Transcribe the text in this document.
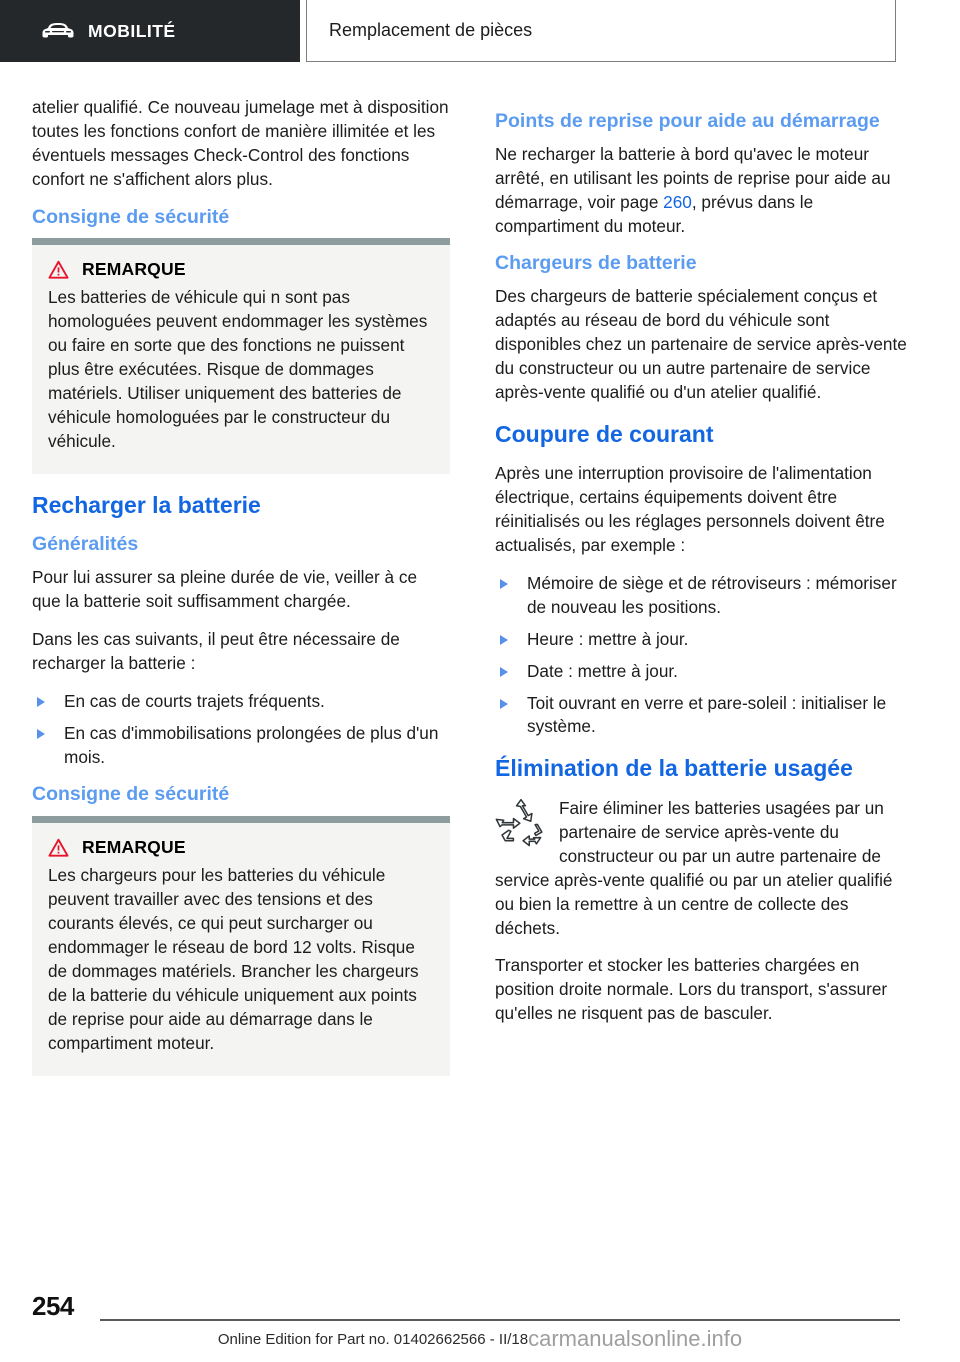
MOBILITÉ	Remplacement de pièces

atelier qualifié. Ce nouveau jumelage met à disposition toutes les fonctions confort de manière illimitée et les éventuels messages Check-Control des fonctions confort ne s'affichent alors plus.

Consigne de sécurité
REMARQUE

Les batteries de véhicule qui n sont pas homologuées peuvent endommager les systèmes ou faire en sorte que des fonctions ne puissent plus être exécutées. Risque de dommages matériels. Utiliser uniquement des batteries de véhicule homologuées par le constructeur du véhicule.

Recharger la batterie
Généralités

Pour lui assurer sa pleine durée de vie, veiller à ce que la batterie soit suffisamment chargée.

Dans les cas suivants, il peut être nécessaire de recharger la batterie :

En cas de courts trajets fréquents.
En cas d'immobilisations prolongées de plus d'un mois.
Consigne de sécurité
REMARQUE

Les chargeurs pour les batteries du véhicule peuvent travailler avec des tensions et des courants élevés, ce qui peut surcharger ou endommager le réseau de bord 12 volts. Risque de dommages matériels. Brancher les chargeurs de la batterie du véhicule uniquement aux points de reprise pour aide au démarrage dans le compartiment moteur.

Points de reprise pour aide au démarrage

Ne recharger la batterie à bord qu'avec le moteur arrêté, en utilisant les points de reprise pour aide au démarrage, voir page 260, prévus dans le compartiment du moteur.

Chargeurs de batterie

Des chargeurs de batterie spécialement conçus et adaptés au réseau de bord du véhicule sont disponibles chez un partenaire de service après-vente du constructeur ou un autre partenaire de service après-vente qualifié ou d'un atelier qualifié.

Coupure de courant

Après une interruption provisoire de l'alimentation électrique, certains équipements doivent être réinitialisés ou les réglages personnels doivent être actualisés, par exemple :

Mémoire de siège et de rétroviseurs : mémoriser de nouveau les positions.
Heure : mettre à jour.
Date : mettre à jour.
Toit ouvrant en verre et pare-soleil : initialiser le système.
Élimination de la batterie usagée

Faire éliminer les batteries usagées par un partenaire de service après-vente du constructeur ou par un autre partenaire de service après-vente qualifié ou par un atelier qualifié ou bien la remettre à un centre de collecte des déchets.

Transporter et stocker les batteries chargées en position droite normale. Lors du transport, s'assurer qu'elles ne risquent pas de basculer.

254
Online Edition for Part no. 01402662566 - II/18carmanualsonline.info
